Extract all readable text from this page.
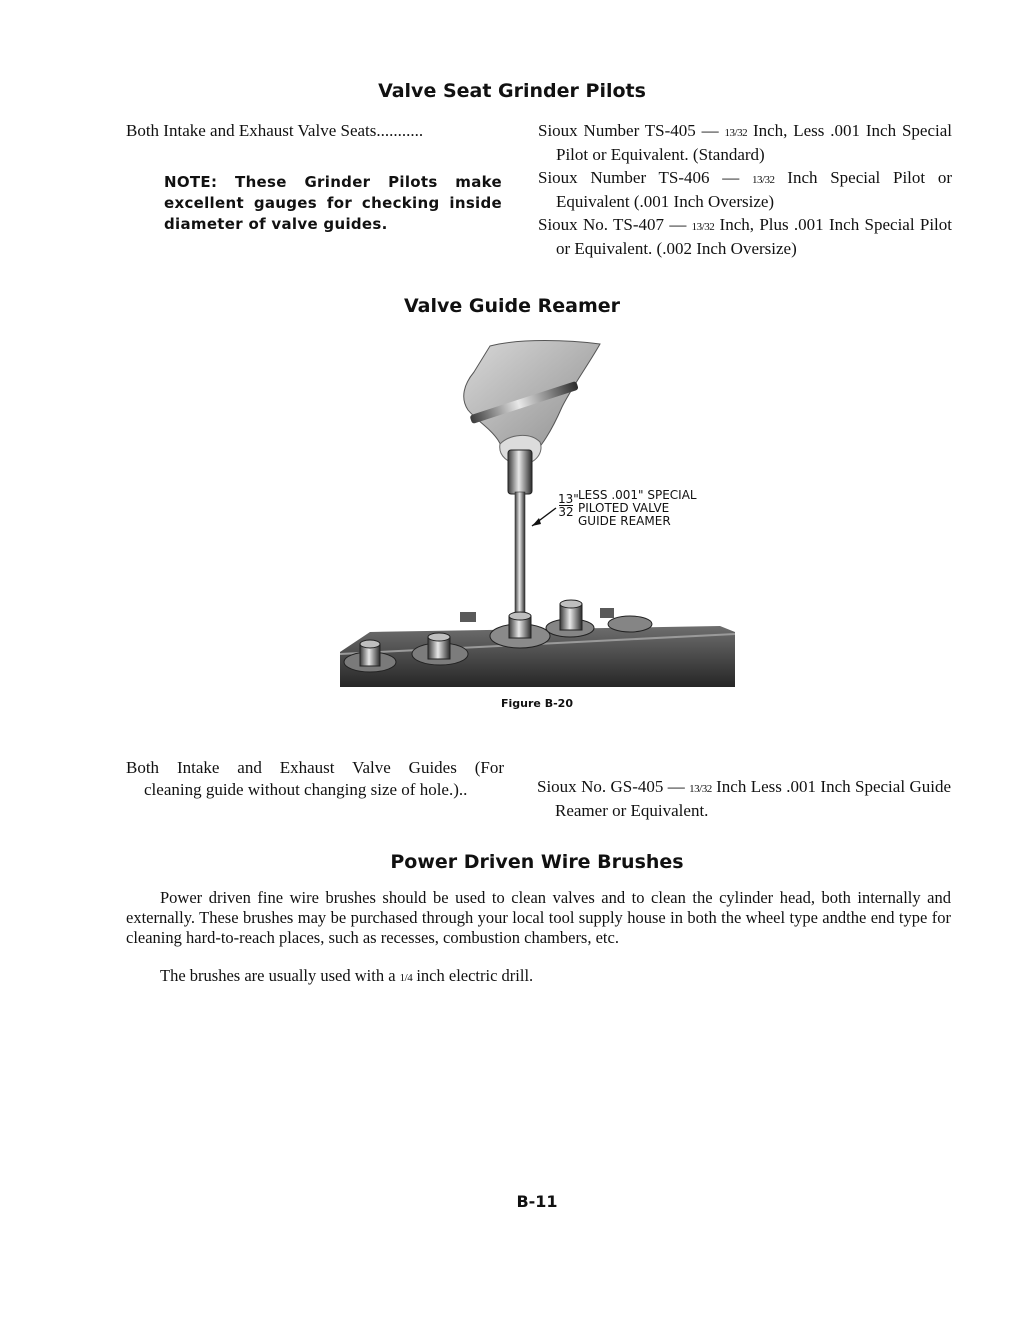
Valve Seat Grinder Pilots
Both Intake and Exhaust Valve Seats...........
NOTE: These Grinder Pilots make excellent gauges for checking inside diameter of valve guides.

Sioux Number TS-405 — 13/32 Inch, Less .001 Inch Special Pilot or Equivalent. (Standard)

Sioux Number TS-406 — 13/32 Inch Special Pilot or Equivalent (.001 Inch Oversize)

Sioux No. TS-407 — 13/32 Inch, Plus .001 Inch Special Pilot or Equivalent. (.002 Inch Oversize)

Valve Guide Reamer
13"
32
LESS .001" SPECIAL
PILOTED VALVE
GUIDE REAMER
Figure B-20
Both Intake and Exhaust Valve Guides (For
cleaning guide without changing size of hole.)..	Sioux No. GS-405 — 13/32 Inch Less .001 Inch Special Guide Reamer or Equivalent.

Power Driven Wire Brushes

Power driven fine wire brushes should be used to clean valves and to clean the cylinder head, both internally and externally. These brushes may be purchased through your local tool supply house in both the wheel type andthe end type for cleaning hard-to-reach places, such as recesses, combustion chambers, etc.

The brushes are usually used with a 1/4 inch electric drill.
B-11
